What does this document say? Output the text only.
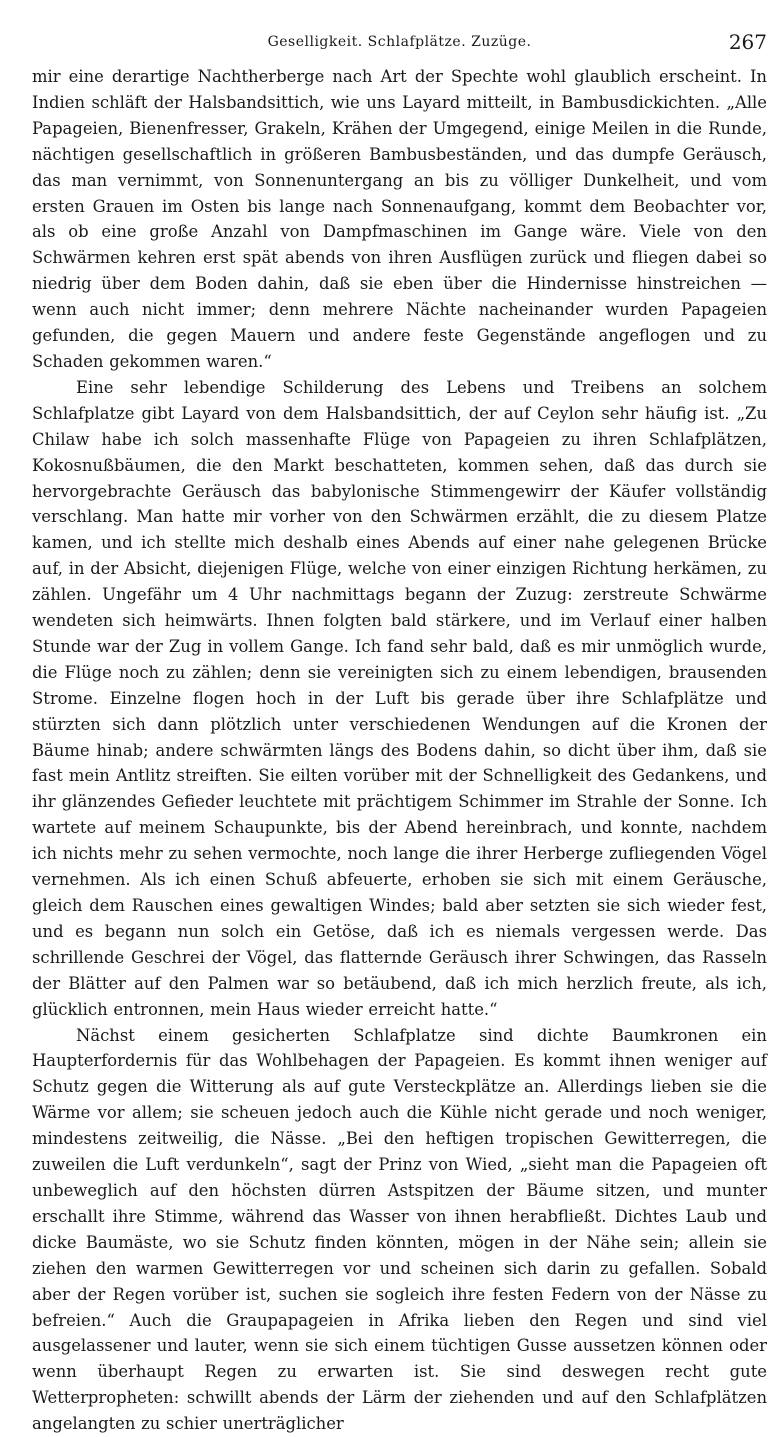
Geselligkeit. Schlafplätze. Zuzüge.	267

mir eine derartige Nachtherberge nach Art der Spechte wohl glaublich erscheint. In Indien schläft der Halsbandsittich, wie uns Layard mitteilt, in Bambusdickichten. „Alle Papageien, Bienenfresser, Grakeln, Krähen der Umgegend, einige Meilen in die Runde, nächtigen gesellschaftlich in größeren Bambusbeständen, und das dumpfe Geräusch, das man vernimmt, von Sonnenuntergang an bis zu völliger Dunkelheit, und vom ersten Grauen im Osten bis lange nach Sonnenaufgang, kommt dem Beobachter vor, als ob eine große Anzahl von Dampfmaschinen im Gange wäre. Viele von den Schwärmen kehren erst spät abends von ihren Ausflügen zurück und fliegen dabei so niedrig über dem Boden dahin, daß sie eben über die Hindernisse hinstreichen — wenn auch nicht immer; denn mehrere Nächte nacheinander wurden Papageien gefunden, die gegen Mauern und andere feste Gegenstände angeflogen und zu Schaden gekommen waren.“

Eine sehr lebendige Schilderung des Lebens und Treibens an solchem Schlafplatze gibt Layard von dem Halsbandsittich, der auf Ceylon sehr häufig ist. „Zu Chilaw habe ich solch massenhafte Flüge von Papageien zu ihren Schlafplätzen, Kokosnußbäumen, die den Markt beschatteten, kommen sehen, daß das durch sie hervorgebrachte Geräusch das babylonische Stimmengewirr der Käufer vollständig verschlang. Man hatte mir vorher von den Schwärmen erzählt, die zu diesem Platze kamen, und ich stellte mich deshalb eines Abends auf einer nahe gelegenen Brücke auf, in der Absicht, diejenigen Flüge, welche von einer einzigen Richtung herkämen, zu zählen. Ungefähr um 4 Uhr nachmittags begann der Zuzug: zerstreute Schwärme wendeten sich heimwärts. Ihnen folgten bald stärkere, und im Verlauf einer halben Stunde war der Zug in vollem Gange. Ich fand sehr bald, daß es mir unmöglich wurde, die Flüge noch zu zählen; denn sie vereinigten sich zu einem lebendigen, brausenden Strome. Einzelne flogen hoch in der Luft bis gerade über ihre Schlafplätze und stürzten sich dann plötzlich unter verschiedenen Wendungen auf die Kronen der Bäume hinab; andere schwärmten längs des Bodens dahin, so dicht über ihm, daß sie fast mein Antlitz streiften. Sie eilten vorüber mit der Schnelligkeit des Gedankens, und ihr glänzendes Gefieder leuchtete mit prächtigem Schimmer im Strahle der Sonne. Ich wartete auf meinem Schaupunkte, bis der Abend hereinbrach, und konnte, nachdem ich nichts mehr zu sehen vermochte, noch lange die ihrer Herberge zufliegenden Vögel vernehmen. Als ich einen Schuß abfeuerte, erhoben sie sich mit einem Geräusche, gleich dem Rauschen eines gewaltigen Windes; bald aber setzten sie sich wieder fest, und es begann nun solch ein Getöse, daß ich es niemals vergessen werde. Das schrillende Geschrei der Vögel, das flatternde Geräusch ihrer Schwingen, das Rasseln der Blätter auf den Palmen war so betäubend, daß ich mich herzlich freute, als ich, glücklich entronnen, mein Haus wieder erreicht hatte.“

Nächst einem gesicherten Schlafplatze sind dichte Baumkronen ein Haupterfordernis für das Wohlbehagen der Papageien. Es kommt ihnen weniger auf Schutz gegen die Witterung als auf gute Versteckplätze an. Allerdings lieben sie die Wärme vor allem; sie scheuen jedoch auch die Kühle nicht gerade und noch weniger, mindestens zeitweilig, die Nässe. „Bei den heftigen tropischen Gewitterregen, die zuweilen die Luft verdunkeln“, sagt der Prinz von Wied, „sieht man die Papageien oft unbeweglich auf den höchsten dürren Astspitzen der Bäume sitzen, und munter erschallt ihre Stimme, während das Wasser von ihnen herabfließt. Dichtes Laub und dicke Baumäste, wo sie Schutz finden könnten, mögen in der Nähe sein; allein sie ziehen den warmen Gewitterregen vor und scheinen sich darin zu gefallen. Sobald aber der Regen vorüber ist, suchen sie sogleich ihre festen Federn von der Nässe zu befreien.“ Auch die Graupapageien in Afrika lieben den Regen und sind viel ausgelassener und lauter, wenn sie sich einem tüchtigen Gusse aussetzen können oder wenn überhaupt Regen zu erwarten ist. Sie sind deswegen recht gute Wetterpropheten: schwillt abends der Lärm der ziehenden und auf den Schlafplätzen angelangten zu schier unerträglicher
